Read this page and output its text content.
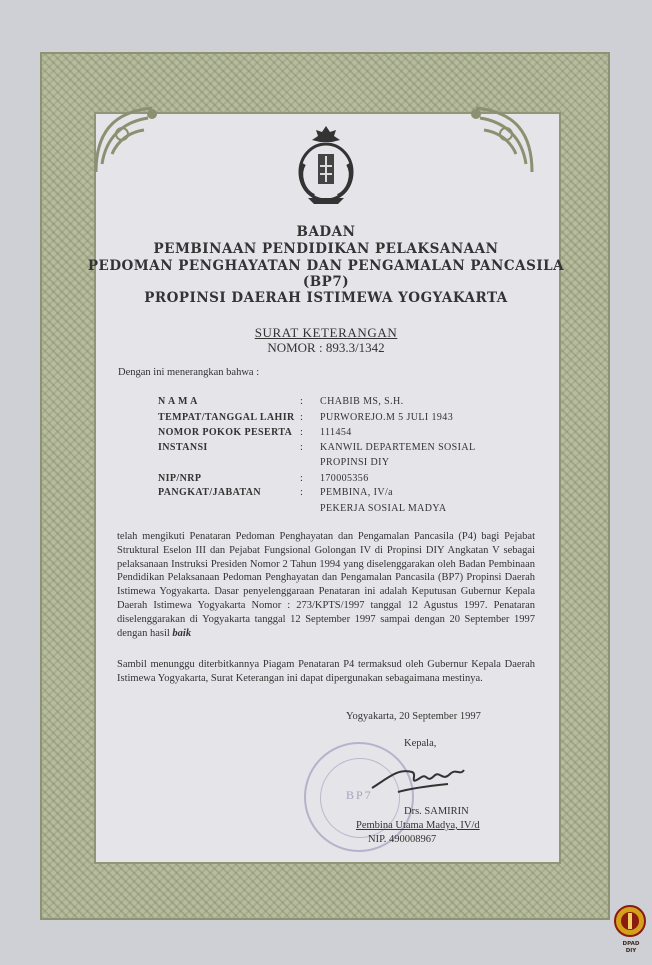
BADAN
PEMBINAAN PENDIDIKAN PELAKSANAAN
PEDOMAN PENGHAYATAN DAN PENGAMALAN PANCASILA
(BP7)
PROPINSI DAERAH ISTIMEWA YOGYAKARTA
SURAT KETERANGAN
NOMOR : 893.3/1342
Dengan ini menerangkan bahwa :
N A M A	: CHABIB MS, S.H.
TEMPAT/TANGGAL LAHIR : PURWOREJO.M 5 JULI 1943
NOMOR POKOK PESERTA : 111454
INSTANSI	: KANWIL DEPARTEMEN SOSIAL
PROPINSI DIY
NIP/NRP	: 170005356
PANGKAT/JABATAN	: PEMBINA, IV/a
PEKERJA SOSIAL MADYA
telah mengikuti Penataran Pedoman Penghayatan dan Pengamalan Pancasila (P4) bagi Pejabat Struktural Eselon III dan Pejabat Fungsional Golongan IV di Propinsi DIY Angkatan V sebagai pelaksanaan Instruksi Presiden Nomor 2 Tahun 1994 yang diselenggarakan oleh Badan Pembinaan Pendidikan Pelaksanaan Pedoman Penghayatan dan Pengamalan Pancasila (BP7) Propinsi Daerah Istimewa Yogyakarta. Dasar penyelenggaraan Penataran ini adalah Keputusan Gubernur Kepala Daerah Istimewa Yogyakarta Nomor : 273/KPTS/1997 tanggal 12 Agustus 1997. Penataran diselenggarakan di Yogyakarta tanggal 12 September 1997 sampai dengan 20 September 1997 dengan hasil baik
Sambil menunggu diterbitkannya Piagam Penataran P4 termaksud oleh Gubernur Kepala Daerah Istimewa Yogyakarta, Surat Keterangan ini dapat dipergunakan sebagaimana mestinya.
Yogyakarta, 20 September 1997
Kepala,
BP7
Drs. SAMIRIN
Pembina Utama Madya, IV/d
NIP. 490008967
DPAD
DIY
